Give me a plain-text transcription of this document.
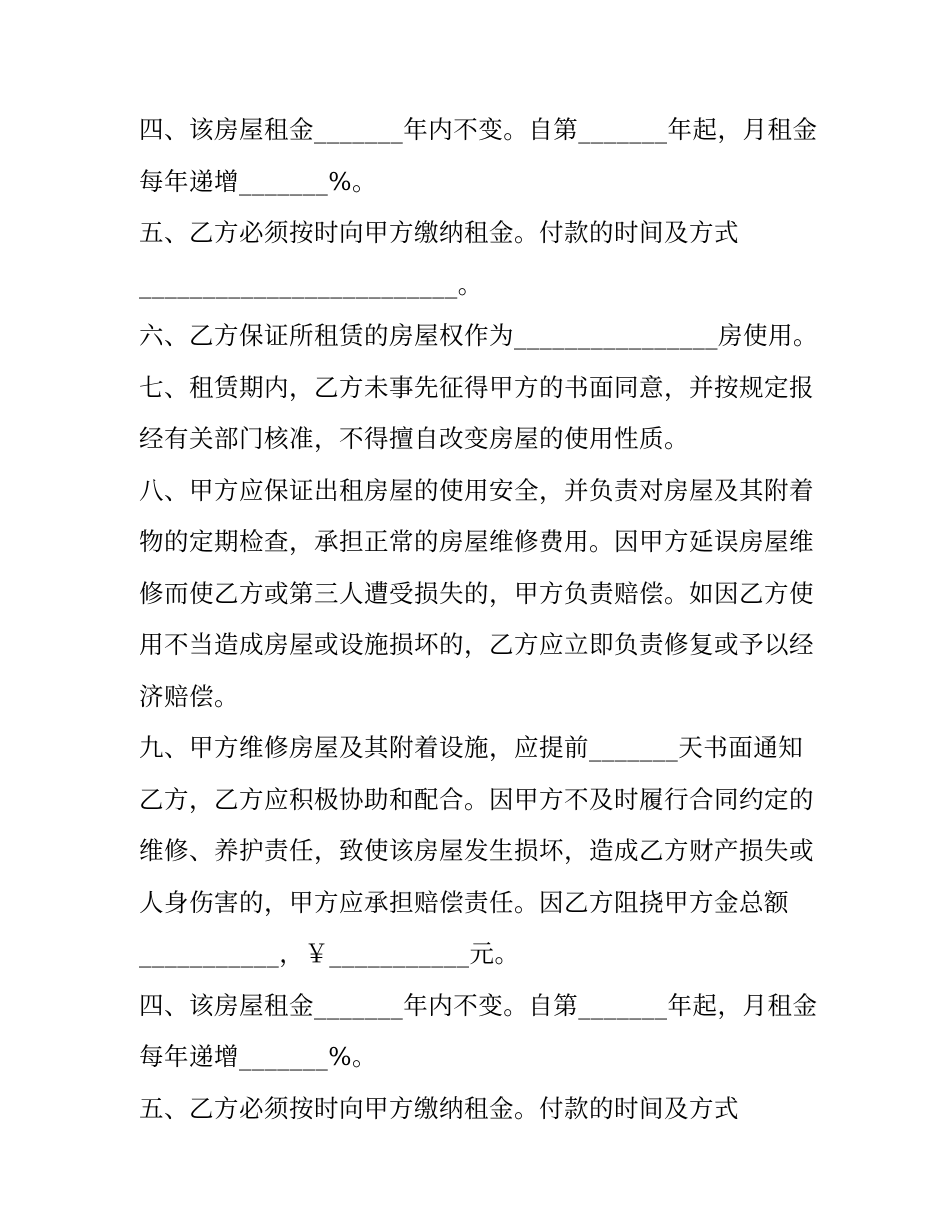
四、该房屋租金_______年内不变。自第_______年起，月租金
每年递增_______%。
五、乙方必须按时向甲方缴纳租金。付款的时间及方式
_________________________。
六、乙方保证所租赁的房屋权作为________________房使用。
七、租赁期内，乙方未事先征得甲方的书面同意，并按规定报
经有关部门核准，不得擅自改变房屋的使用性质。
八、甲方应保证出租房屋的使用安全，并负责对房屋及其附着
物的定期检查，承担正常的房屋维修费用。因甲方延误房屋维
修而使乙方或第三人遭受损失的，甲方负责赔偿。如因乙方使
用不当造成房屋或设施损坏的，乙方应立即负责修复或予以经
济赔偿。
九、甲方维修房屋及其附着设施，应提前_______天书面通知
乙方，乙方应积极协助和配合。因甲方不及时履行合同约定的
维修、养护责任，致使该房屋发生损坏，造成乙方财产损失或
人身伤害的，甲方应承担赔偿责任。因乙方阻挠甲方金总额
___________，￥___________元。
四、该房屋租金_______年内不变。自第_______年起，月租金
每年递增_______%。
五、乙方必须按时向甲方缴纳租金。付款的时间及方式
